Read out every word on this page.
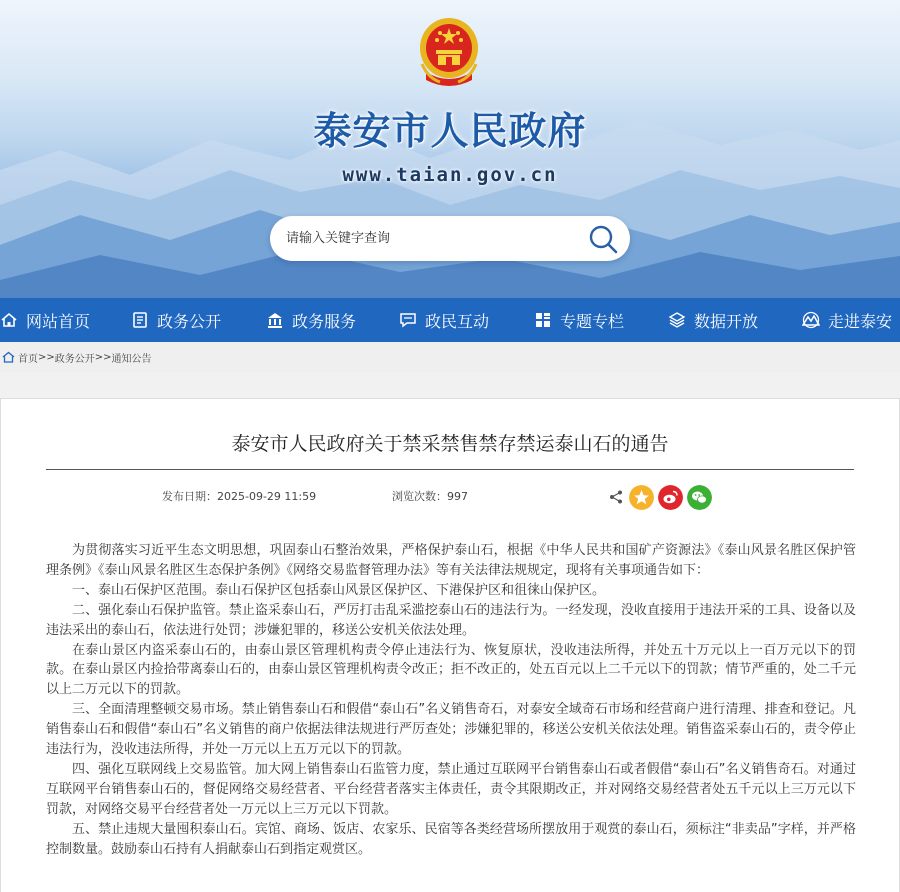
泰安市人民政府
www.taian.gov.cn
请输入关键字查询
网站首页	政务公开	政务服务	政民互动	专题专栏	数据开放	走进泰安
首页 >> 政务公开 >> 通知公告
泰安市人民政府关于禁采禁售禁存禁运泰山石的通告
发布日期：2025-09-29 11:59	浏览次数：997

为贯彻落实习近平生态文明思想，巩固泰山石整治效果，严格保护泰山石，根据《中华人民共和国矿产资源法》《泰山风景名胜区保护管理条例》《泰山风景名胜区生态保护条例》《网络交易监督管理办法》等有关法律法规规定，现将有关事项通告如下：

一、泰山石保护区范围。泰山石保护区包括泰山风景区保护区、下港保护区和徂徕山保护区。

二、强化泰山石保护监管。禁止盗采泰山石，严厉打击乱采滥挖泰山石的违法行为。一经发现，没收直接用于违法开采的工具、设备以及违法采出的泰山石，依法进行处罚；涉嫌犯罪的，移送公安机关依法处理。

在泰山景区内盗采泰山石的，由泰山景区管理机构责令停止违法行为、恢复原状，没收违法所得，并处五十万元以上一百万元以下的罚款。在泰山景区内捡拾带离泰山石的，由泰山景区管理机构责令改正；拒不改正的，处五百元以上二千元以下的罚款；情节严重的，处二千元以上二万元以下的罚款。

三、全面清理整顿交易市场。禁止销售泰山石和假借“泰山石”名义销售奇石，对泰安全域奇石市场和经营商户进行清理、排查和登记。凡销售泰山石和假借“泰山石”名义销售的商户依据法律法规进行严厉查处；涉嫌犯罪的，移送公安机关依法处理。销售盗采泰山石的，责令停止违法行为，没收违法所得，并处一万元以上五万元以下的罚款。

四、强化互联网线上交易监管。加大网上销售泰山石监管力度，禁止通过互联网平台销售泰山石或者假借“泰山石”名义销售奇石。对通过互联网平台销售泰山石的，督促网络交易经营者、平台经营者落实主体责任，责令其限期改正，并对网络交易经营者处五千元以上三万元以下罚款，对网络交易平台经营者处一万元以上三万元以下罚款。

五、禁止违规大量囤积泰山石。宾馆、商场、饭店、农家乐、民宿等各类经营场所摆放用于观赏的泰山石，须标注“非卖品”字样，并严格控制数量。鼓励泰山石持有人捐献泰山石到指定观赏区。
